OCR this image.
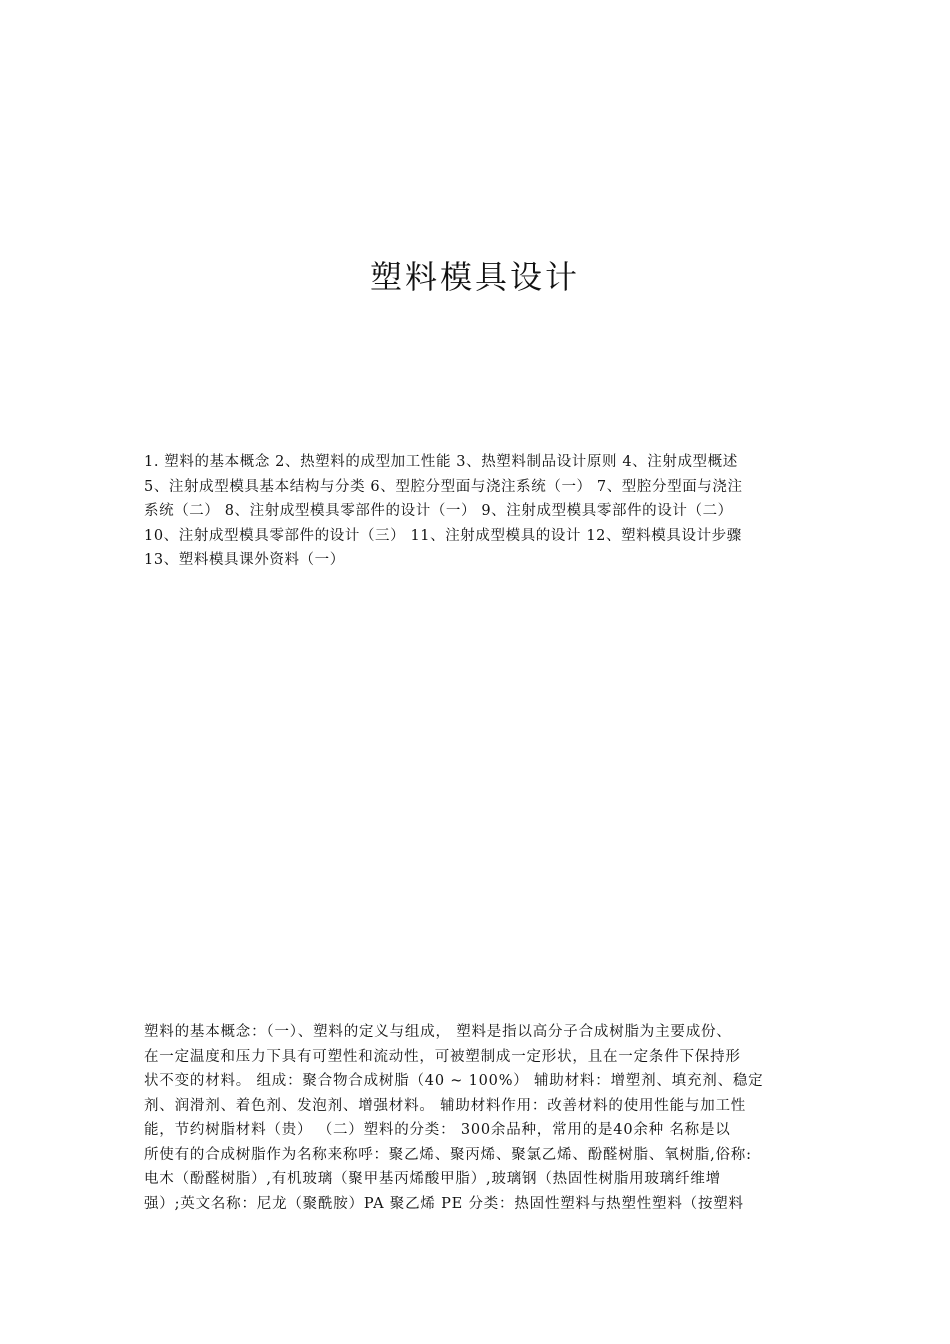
塑料模具设计
1. 塑料的基本概念 2、热塑料的成型加工性能 3、热塑料制品设计原则 4、注射成型概述
5、注射成型模具基本结构与分类 6、型腔分型面与浇注系统（一） 7、型腔分型面与浇注
系统（二） 8、注射成型模具零部件的设计（一） 9、注射成型模具零部件的设计（二）
10、注射成型模具零部件的设计（三） 11、注射成型模具的设计 12、塑料模具设计步骤
13、塑料模具课外资料（一）
塑料的基本概念：（一）、塑料的定义与组成， 塑料是指以高分子合成树脂为主要成份、
在一定温度和压力下具有可塑性和流动性，可被塑制成一定形状，且在一定条件下保持形
状不变的材料。 组成：聚合物合成树脂（40 ~ 100%） 辅助材料：增塑剂、填充剂、稳定
剂、润滑剂、着色剂、发泡剂、增强材料。 辅助材料作用：改善材料的使用性能与加工性
能，节约树脂材料（贵） （二）塑料的分类： 300余品种，常用的是40余种 名称是以
所使有的合成树脂作为名称来称呼：聚乙烯、聚丙烯、聚氯乙烯、酚醛树脂、氧树脂,俗称:
电木（酚醛树脂）,有机玻璃（聚甲基丙烯酸甲脂）,玻璃钢（热固性树脂用玻璃纤维增
强）;英文名称：尼龙（聚酰胺）PA 聚乙烯 PE 分类：热固性塑料与热塑性塑料（按塑料
